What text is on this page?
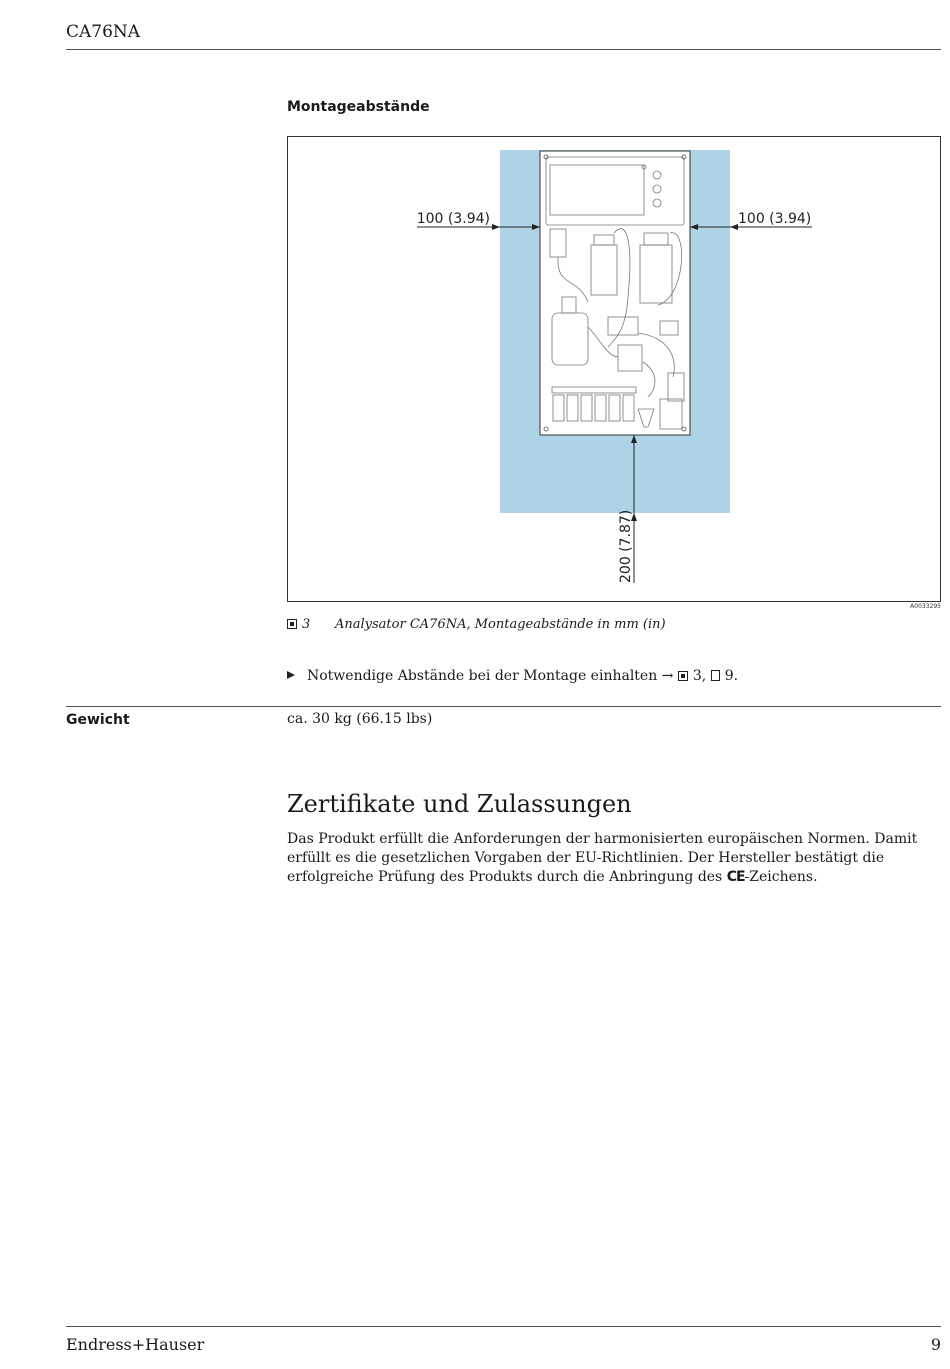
CA76NA
Montageabstände
100 (3.94)	100 (3.94)
200 (7.87)
A0033295
3 Analysator CA76NA, Montageabstände in mm (in)
Notwendige Abstände bei der Montage einhalten → 3, 9.
Gewicht	ca. 30 kg (66.15 lbs)
Zertifikate und Zulassungen
Das Produkt erfüllt die Anforderungen der harmonisierten europäischen Normen. Damit erfüllt es die gesetzlichen Vorgaben der EU-Richtlinien. Der Hersteller bestätigt die erfolgreiche Prüfung des Produkts durch die Anbringung des CE-Zeichens.
Endress+Hauser	9
